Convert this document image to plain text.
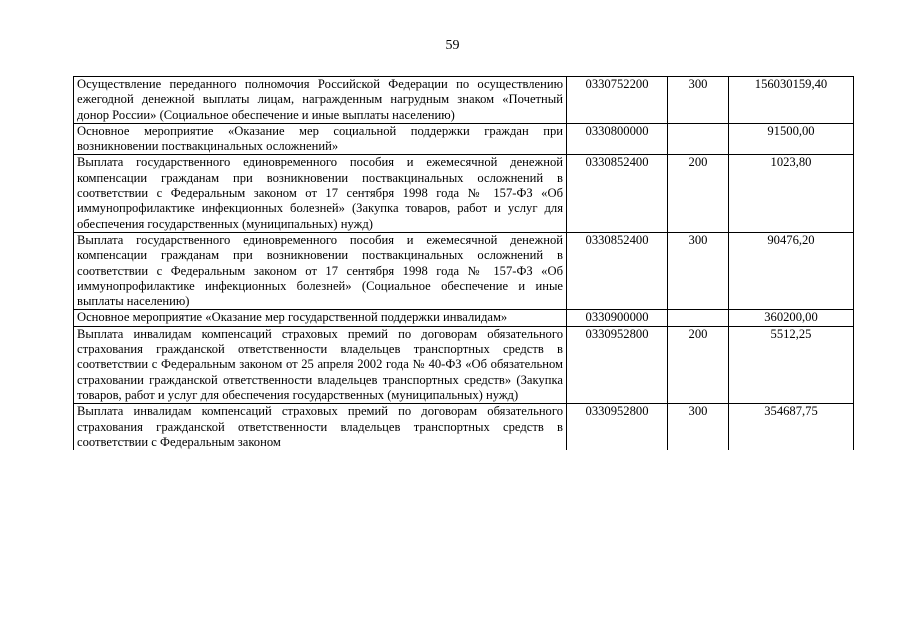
59
Осуществление переданного полномочия Российской Федерации по осуществлению ежегодной денежной выплаты лицам, награжденным нагрудным знаком «Почетный донор России» (Социальное обеспечение и иные выплаты населению)	0330752200	300	156030159,40
Основное мероприятие «Оказание мер социальной поддержки граждан при возникновении поствакцинальных осложнений»	0330800000		91500,00
Выплата государственного единовременного пособия и ежемесячной денежной компенсации гражданам при возникновении поствакцинальных осложнений в соответствии с Федеральным законом от 17 сентября 1998 года № 157-ФЗ «Об иммунопрофилактике инфекционных болезней» (Закупка товаров, работ и услуг для обеспечения государственных (муниципальных) нужд)	0330852400	200	1023,80
Выплата государственного единовременного пособия и ежемесячной денежной компенсации гражданам при возникновении поствакцинальных осложнений в соответствии с Федеральным законом от 17 сентября 1998 года № 157-ФЗ «Об иммунопрофилактике инфекционных болезней» (Социальное обеспечение и иные выплаты населению)	0330852400	300	90476,20
Основное мероприятие «Оказание мер государственной поддержки инвалидам»	0330900000		360200,00
Выплата инвалидам компенсаций страховых премий по договорам обязательного страхования гражданской ответственности владельцев транспортных средств в соответствии с Федеральным законом от 25 апреля 2002 года № 40-ФЗ «Об обязательном страховании гражданской ответственности владельцев транспортных средств» (Закупка товаров, работ и услуг для обеспечения государственных (муниципальных) нужд)	0330952800	200	5512,25
Выплата инвалидам компенсаций страховых премий по договорам обязательного страхования гражданской ответственности владельцев транспортных средств в соответствии с Федеральным законом	0330952800	300	354687,75
